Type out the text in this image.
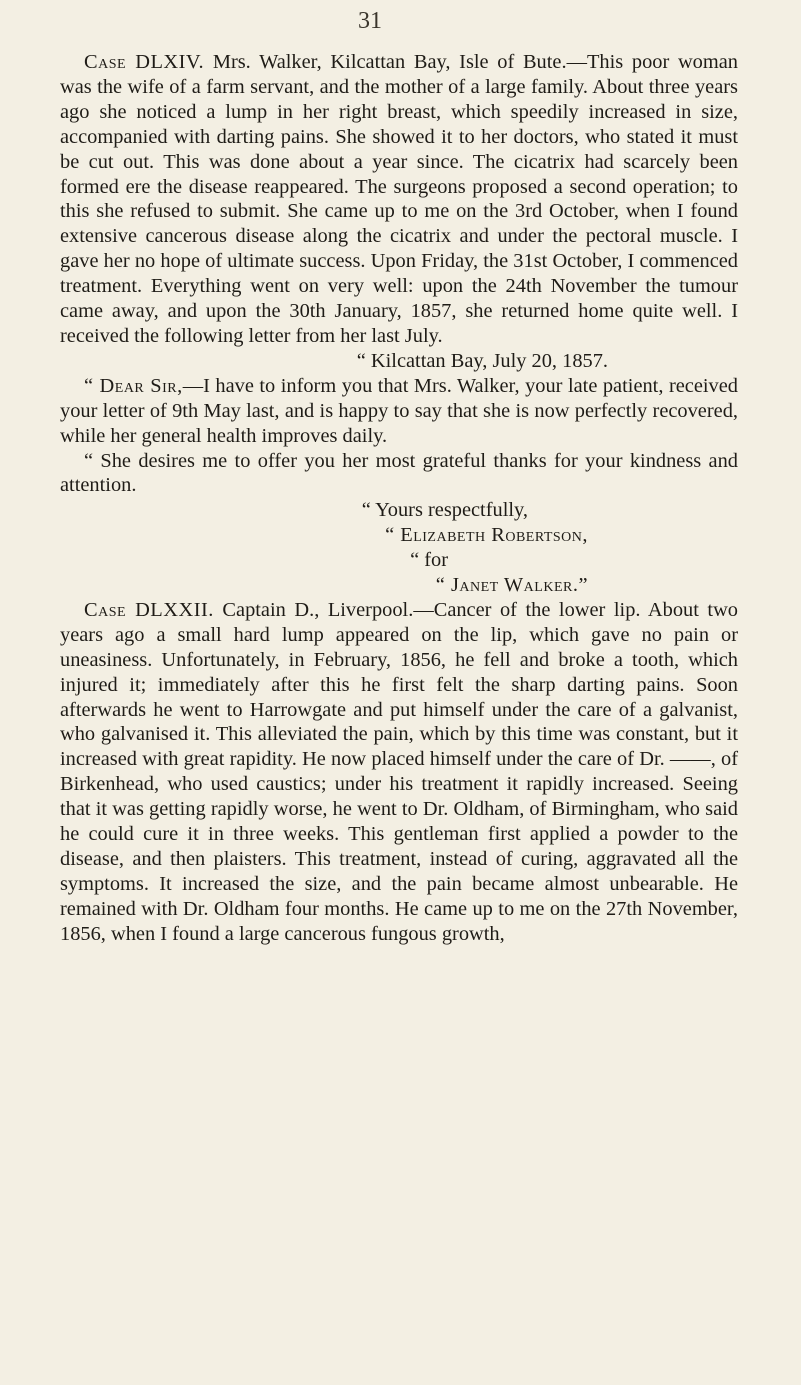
31

Case DLXIV. Mrs. Walker, Kilcattan Bay, Isle of Bute.—This poor woman was the wife of a farm servant, and the mother of a large family. About three years ago she noticed a lump in her right breast, which speedily increased in size, accompanied with darting pains. She showed it to her doctors, who stated it must be cut out. This was done about a year since. The cicatrix had scarcely been formed ere the disease reappeared. The surgeons proposed a second operation; to this she refused to submit. She came up to me on the 3rd October, when I found extensive cancerous disease along the cicatrix and under the pectoral muscle. I gave her no hope of ultimate success. Upon Friday, the 31st October, I commenced treatment. Everything went on very well: upon the 24th November the tumour came away, and upon the 30th January, 1857, she returned home quite well. I received the following letter from her last July.

“ Kilcattan Bay, July 20, 1857.

“ Dear Sir,—I have to inform you that Mrs. Walker, your late patient, received your letter of 9th May last, and is happy to say that she is now perfectly recovered, while her general health improves daily.

“ She desires me to offer you her most grateful thanks for your kindness and attention.

“ Yours respectfully,

“ Elizabeth Robertson,

“ for

“ Janet Walker.”

Case DLXXII. Captain D., Liverpool.—Cancer of the lower lip. About two years ago a small hard lump appeared on the lip, which gave no pain or uneasiness. Unfortunately, in February, 1856, he fell and broke a tooth, which injured it; immediately after this he first felt the sharp darting pains. Soon afterwards he went to Harrowgate and put himself under the care of a galvanist, who galvanised it. This alleviated the pain, which by this time was constant, but it increased with great rapidity. He now placed himself under the care of Dr. ——, of Birkenhead, who used caustics; under his treatment it rapidly increased. Seeing that it was getting rapidly worse, he went to Dr. Oldham, of Birmingham, who said he could cure it in three weeks. This gentleman first applied a powder to the disease, and then plaisters. This treatment, instead of curing, aggravated all the symptoms. It increased the size, and the pain became almost unbearable. He remained with Dr. Oldham four months. He came up to me on the 27th November, 1856, when I found a large cancerous fungous growth,
